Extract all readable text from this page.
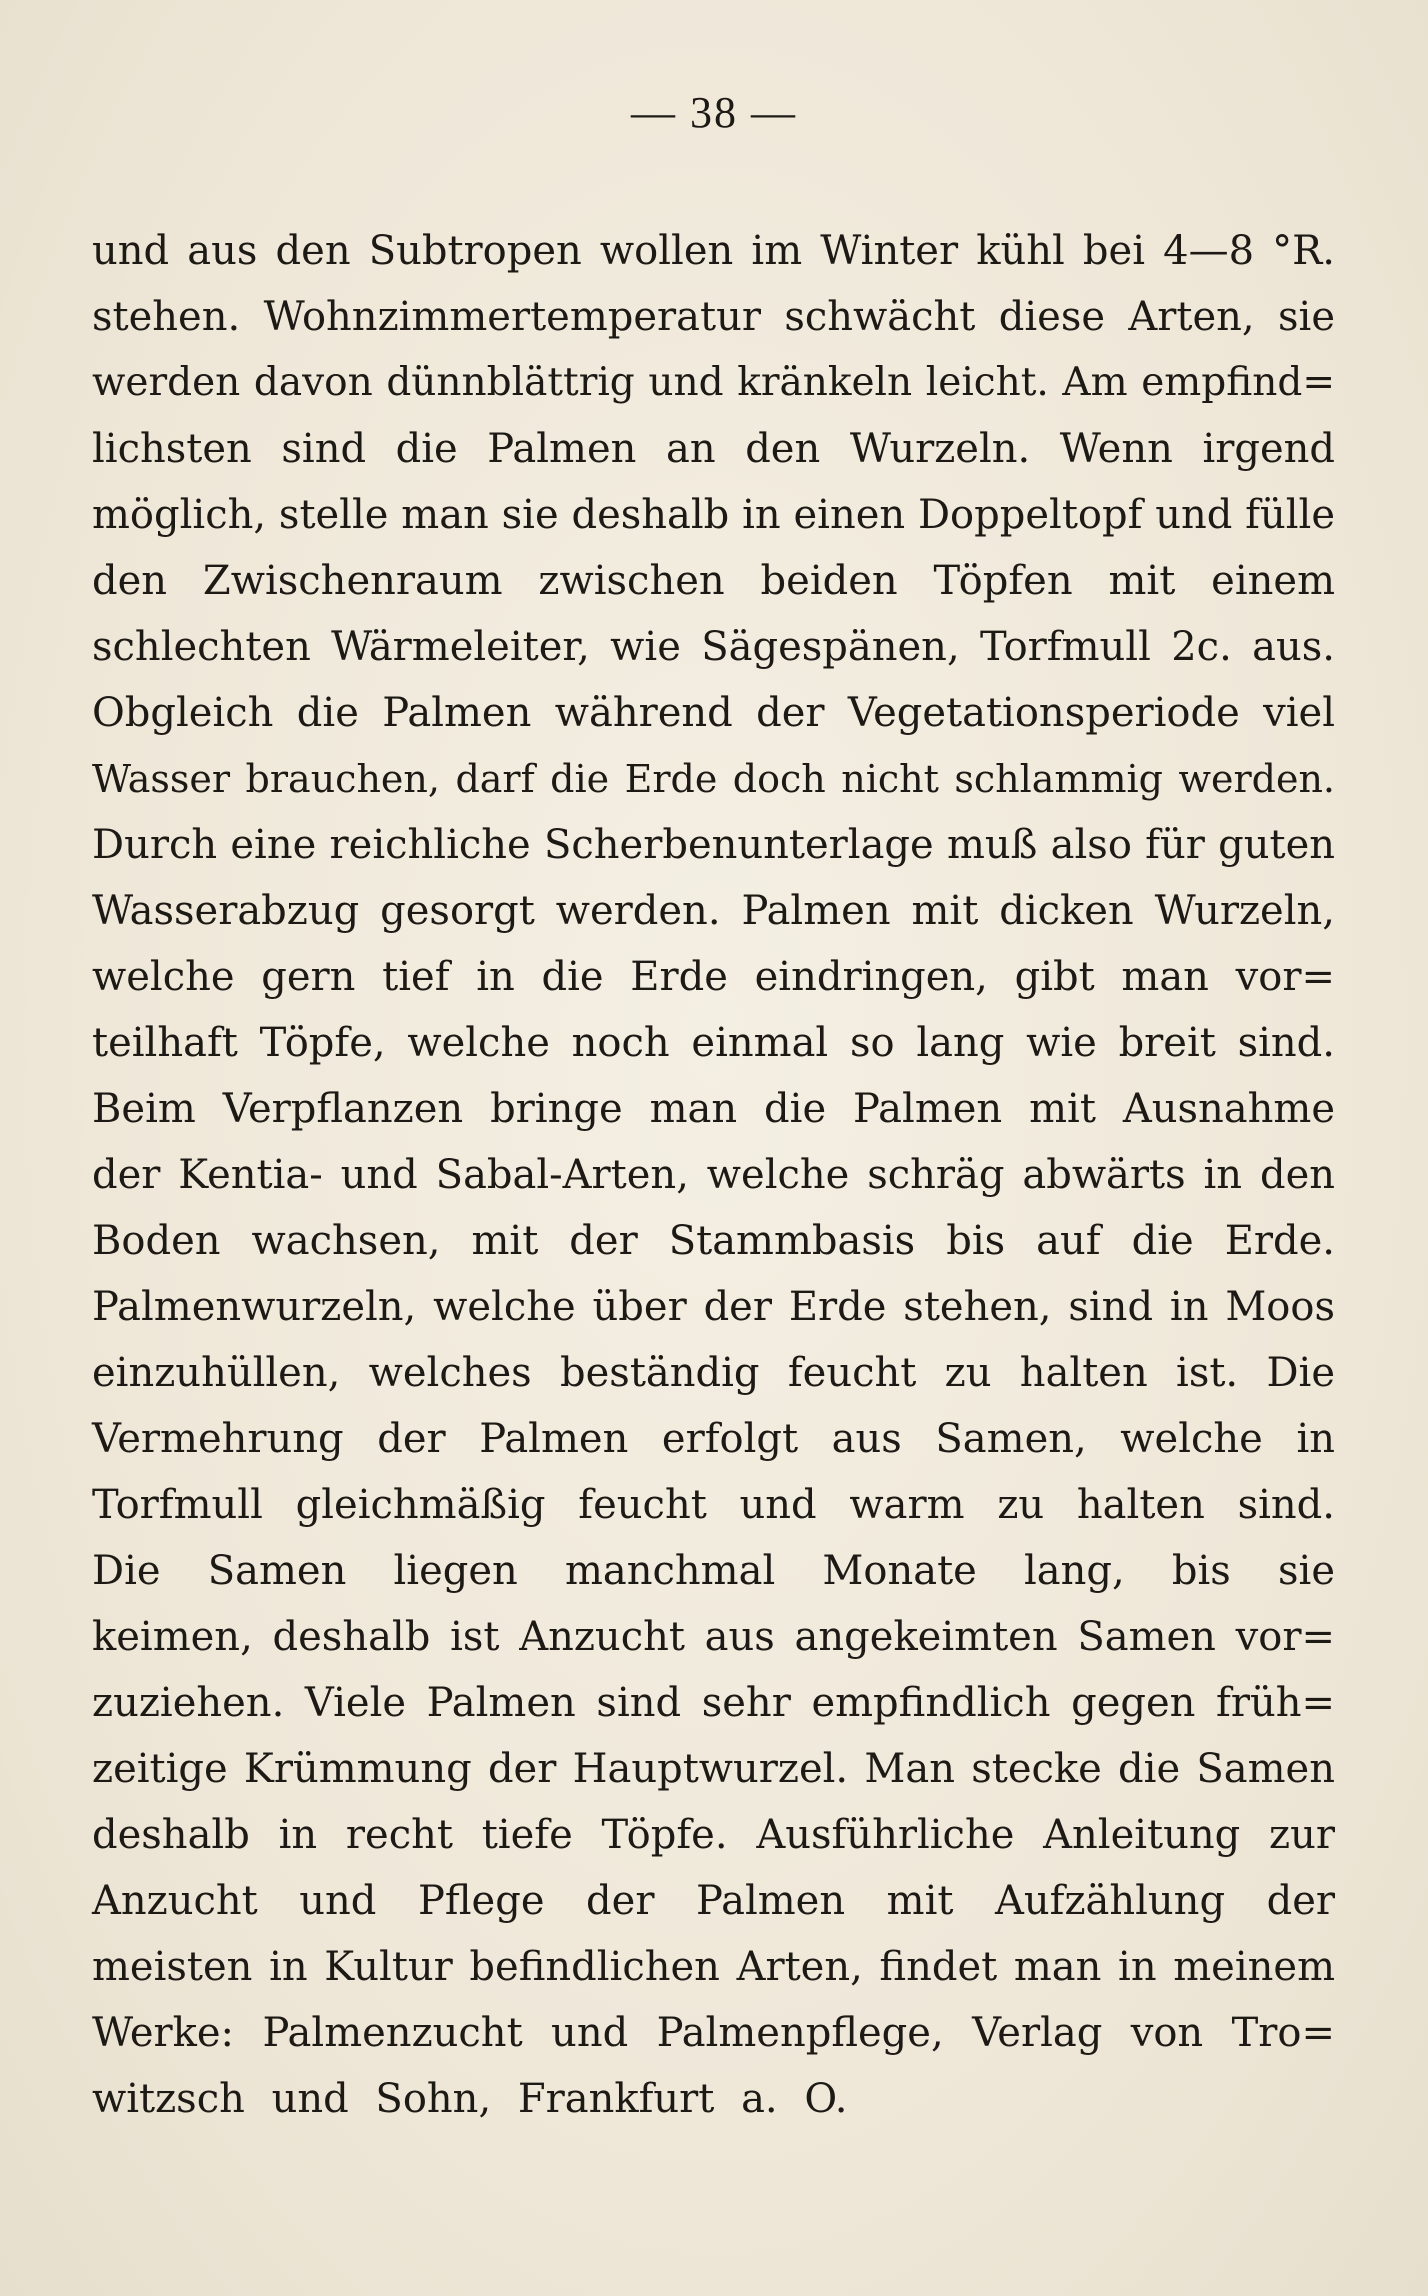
— 38 —
und aus den Subtropen wollen im Winter kühl bei 4—8 °R.
stehen. Wohnzimmertemperatur schwächt diese Arten, sie
werden davon dünnblättrig und kränkeln leicht. Am empfind=
lichsten sind die Palmen an den Wurzeln. Wenn irgend
möglich, stelle man sie deshalb in einen Doppeltopf und fülle
den Zwischenraum zwischen beiden Töpfen mit einem
schlechten Wärmeleiter, wie Sägespänen, Torfmull 2c. aus.
Obgleich die Palmen während der Vegetationsperiode viel
Wasser brauchen, darf die Erde doch nicht schlammig werden.
Durch eine reichliche Scherbenunterlage muß also für guten
Wasserabzug gesorgt werden. Palmen mit dicken Wurzeln,
welche gern tief in die Erde eindringen, gibt man vor=
teilhaft Töpfe, welche noch einmal so lang wie breit sind.
Beim Verpflanzen bringe man die Palmen mit Ausnahme
der Kentia- und Sabal-Arten, welche schräg abwärts in den
Boden wachsen, mit der Stammbasis bis auf die Erde.
Palmenwurzeln, welche über der Erde stehen, sind in Moos
einzuhüllen, welches beständig feucht zu halten ist. Die
Vermehrung der Palmen erfolgt aus Samen, welche in
Torfmull gleichmäßig feucht und warm zu halten sind.
Die Samen liegen manchmal Monate lang, bis sie
keimen, deshalb ist Anzucht aus angekeimten Samen vor=
zuziehen. Viele Palmen sind sehr empfindlich gegen früh=
zeitige Krümmung der Hauptwurzel. Man stecke die Samen
deshalb in recht tiefe Töpfe. Ausführliche Anleitung zur
Anzucht und Pflege der Palmen mit Aufzählung der
meisten in Kultur befindlichen Arten, findet man in meinem
Werke: Palmenzucht und Palmenpflege, Verlag von Tro=
witzsch und Sohn, Frankfurt a. O.
